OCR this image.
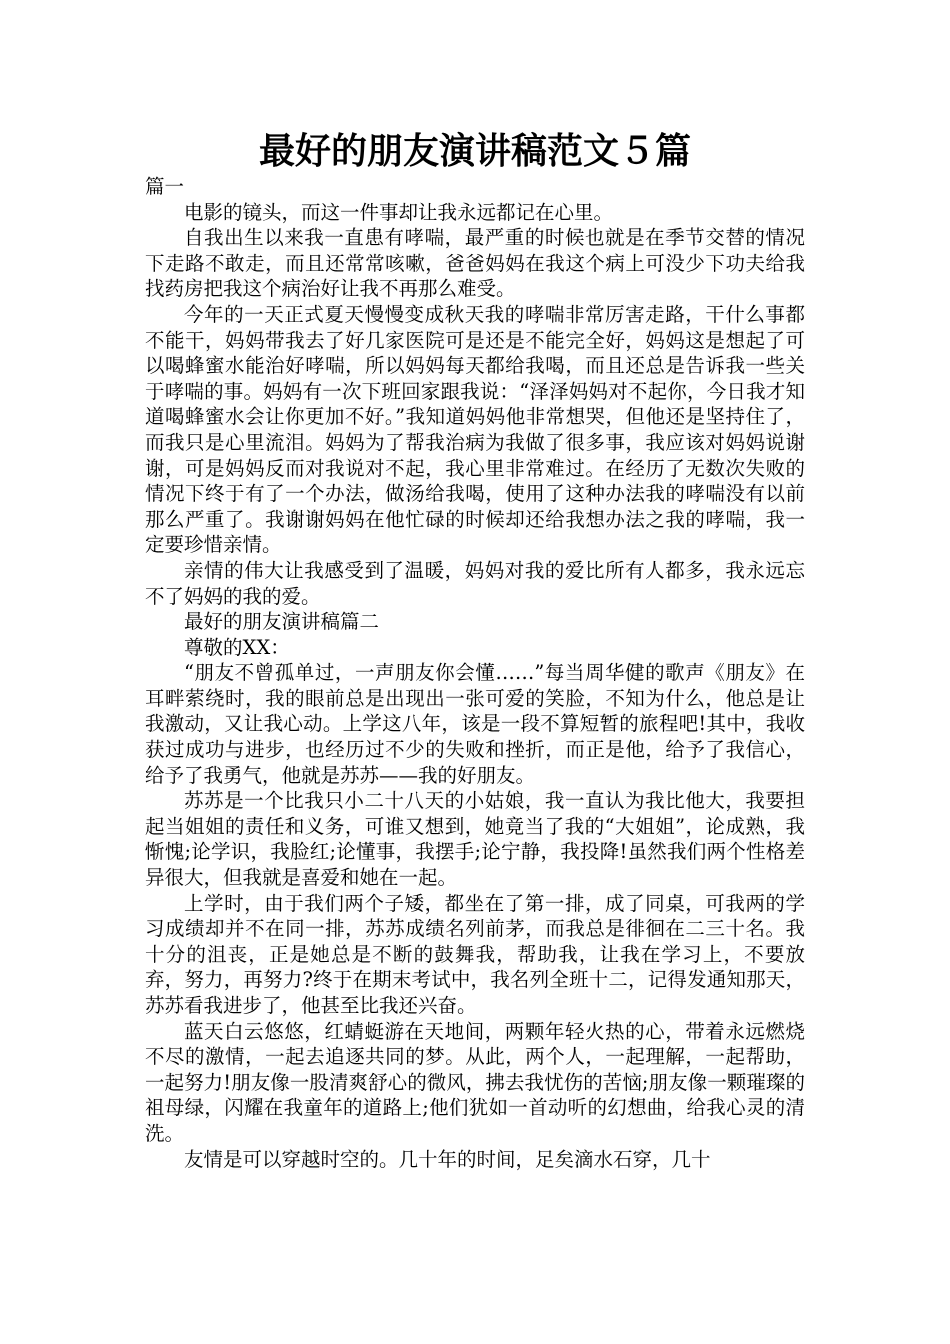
最好的朋友演讲稿范文５篇

篇一

电影的镜头，而这一件事却让我永远都记在心里。

自我出生以来我一直患有哮喘，最严重的时候也就是在季节交替的情况下走路不敢走，而且还常常咳嗽，爸爸妈妈在我这个病上可没少下功夫给我找药房把我这个病治好让我不再那么难受。

今年的一天正式夏天慢慢变成秋天我的哮喘非常厉害走路，干什么事都不能干，妈妈带我去了好几家医院可是还是不能完全好，妈妈这是想起了可以喝蜂蜜水能治好哮喘，所以妈妈每天都给我喝，而且还总是告诉我一些关于哮喘的事。妈妈有一次下班回家跟我说：“泽泽妈妈对不起你，今日我才知道喝蜂蜜水会让你更加不好。”我知道妈妈他非常想哭，但他还是坚持住了，而我只是心里流泪。妈妈为了帮我治病为我做了很多事，我应该对妈妈说谢谢，可是妈妈反而对我说对不起，我心里非常难过。在经历了无数次失败的情况下终于有了一个办法，做汤给我喝，使用了这种办法我的哮喘没有以前那么严重了。我谢谢妈妈在他忙碌的时候却还给我想办法之我的哮喘，我一定要珍惜亲情。

亲情的伟大让我感受到了温暖，妈妈对我的爱比所有人都多，我永远忘不了妈妈的我的爱。

最好的朋友演讲稿篇二

尊敬的XX：

“朋友不曾孤单过，一声朋友你会懂……”每当周华健的歌声《朋友》在耳畔萦绕时，我的眼前总是出现出一张可爱的笑脸，不知为什么，他总是让我激动，又让我心动。上学这八年，该是一段不算短暂的旅程吧!其中，我收获过成功与进步，也经历过不少的失败和挫折，而正是他，给予了我信心，给予了我勇气，他就是苏苏——我的好朋友。

苏苏是一个比我只小二十八天的小姑娘，我一直认为我比他大，我要担起当姐姐的责任和义务，可谁又想到，她竟当了我的“大姐姐”，论成熟，我惭愧;论学识，我脸红;论懂事，我摆手;论宁静，我投降!虽然我们两个性格差异很大，但我就是喜爱和她在一起。

上学时，由于我们两个子矮，都坐在了第一排，成了同桌，可我两的学习成绩却并不在同一排，苏苏成绩名列前茅，而我总是徘徊在二三十名。我十分的沮丧，正是她总是不断的鼓舞我，帮助我，让我在学习上，不要放弃，努力，再努力?终于在期末考试中，我名列全班十二，记得发通知那天，苏苏看我进步了，他甚至比我还兴奋。

蓝天白云悠悠，红蜻蜓游在天地间，两颗年轻火热的心，带着永远燃烧不尽的激情，一起去追逐共同的梦。从此，两个人，一起理解，一起帮助，一起努力!朋友像一股清爽舒心的微风，拂去我忧伤的苦恼;朋友像一颗璀璨的祖母绿，闪耀在我童年的道路上;他们犹如一首动听的幻想曲，给我心灵的清洗。

友情是可以穿越时空的。几十年的时间，足矣滴水石穿，几十
